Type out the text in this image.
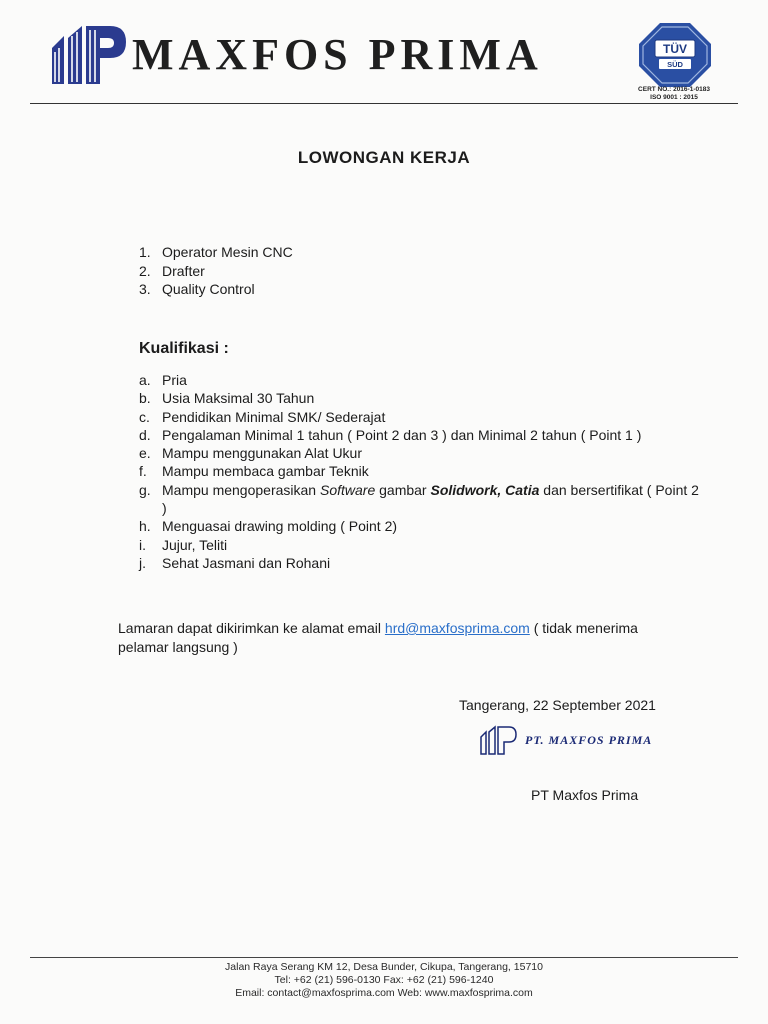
MAXFOS PRIMA	TÜV
SÜD
CERT NO.: 2016-1-0183
ISO 9001 : 2015
LOWONGAN KERJA
1. Operator Mesin CNC
2. Drafter
3. Quality Control
Kualifikasi :
a. Pria
b. Usia Maksimal 30 Tahun
c. Pendidikan Minimal SMK/ Sederajat
d. Pengalaman Minimal 1 tahun ( Point 2 dan 3 ) dan Minimal 2 tahun ( Point 1 )
e. Mampu menggunakan Alat Ukur
f.	Mampu membaca gambar Teknik
g. Mampu mengoperasikan Software gambar Solidwork, Catia dan bersertifikat ( Point 2 )
h. Menguasai drawing molding ( Point 2)
i.	Jujur, Teliti
j.	Sehat Jasmani dan Rohani
Lamaran dapat dikirimkan ke alamat email hrd@maxfosprima.com ( tidak menerima pelamar langsung )
Tangerang, 22 September 2021
PT. MAXFOS PRIMA
PT Maxfos Prima
Jalan Raya Serang KM 12, Desa Bunder, Cikupa, Tangerang, 15710
Tel: +62 (21) 596-0130 Fax: +62 (21) 596-1240
Email: contact@maxfosprima.com Web: www.maxfosprima.com
